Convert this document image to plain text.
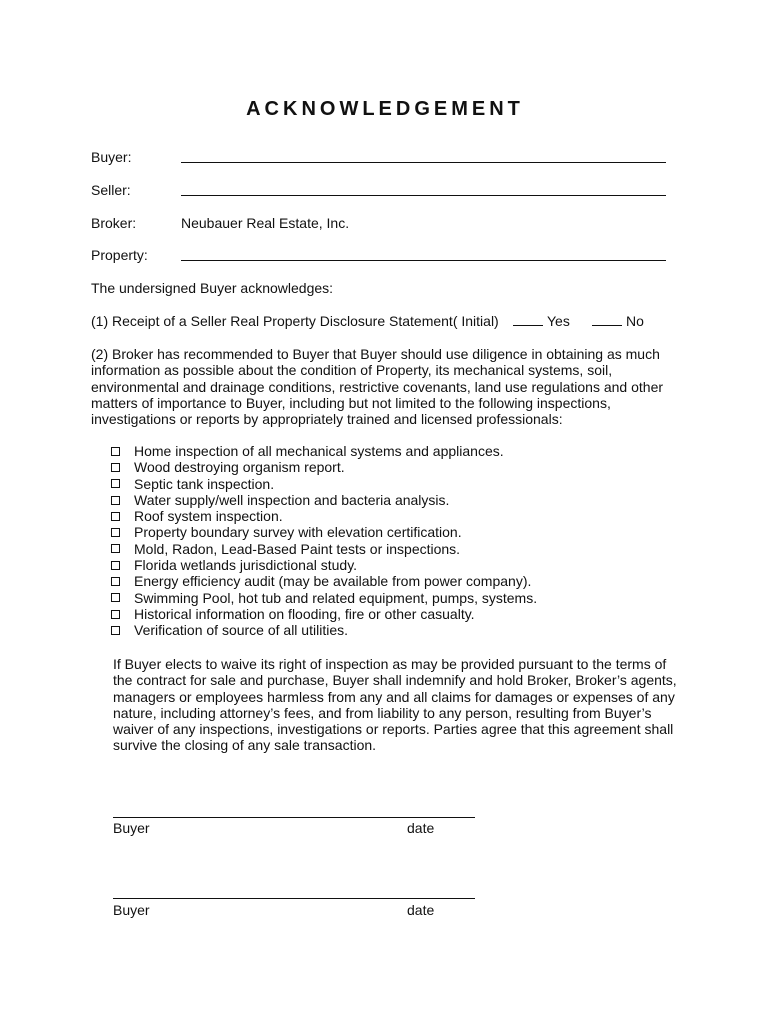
ACKNOWLEDGEMENT
Buyer:
Seller:
Broker:	Neubauer Real Estate, Inc.
Property:
The undersigned Buyer acknowledges:
(1) Receipt of a Seller Real Property Disclosure Statement( Initial)	Yes	No
(2) Broker has recommended to Buyer that Buyer should use diligence in obtaining as much information as possible about the condition of Property, its mechanical systems, soil, environmental and drainage conditions, restrictive covenants, land use regulations and other matters of importance to Buyer, including but not limited to the following inspections, investigations or reports by appropriately trained and licensed professionals:
Home inspection of all mechanical systems and appliances.
Wood destroying organism report.
Septic tank inspection.
Water supply/well inspection and bacteria analysis.
Roof system inspection.
Property boundary survey with elevation certification.
Mold, Radon, Lead-Based Paint tests or inspections.
Florida wetlands jurisdictional study.
Energy efficiency audit (may be available from power company).
Swimming Pool, hot tub and related equipment, pumps, systems.
Historical information on flooding, fire or other casualty.
Verification of source of all utilities.
If Buyer elects to waive its right of inspection as may be provided pursuant to the terms of the contract for sale and purchase, Buyer shall indemnify and hold Broker, Broker’s agents, managers or employees harmless from any and all claims for damages or expenses of any nature, including attorney’s fees, and from liability to any person, resulting from Buyer’s waiver of any inspections, investigations or reports. Parties agree that this agreement shall survive the closing of any sale transaction.
Buyer	date
Buyer	date
